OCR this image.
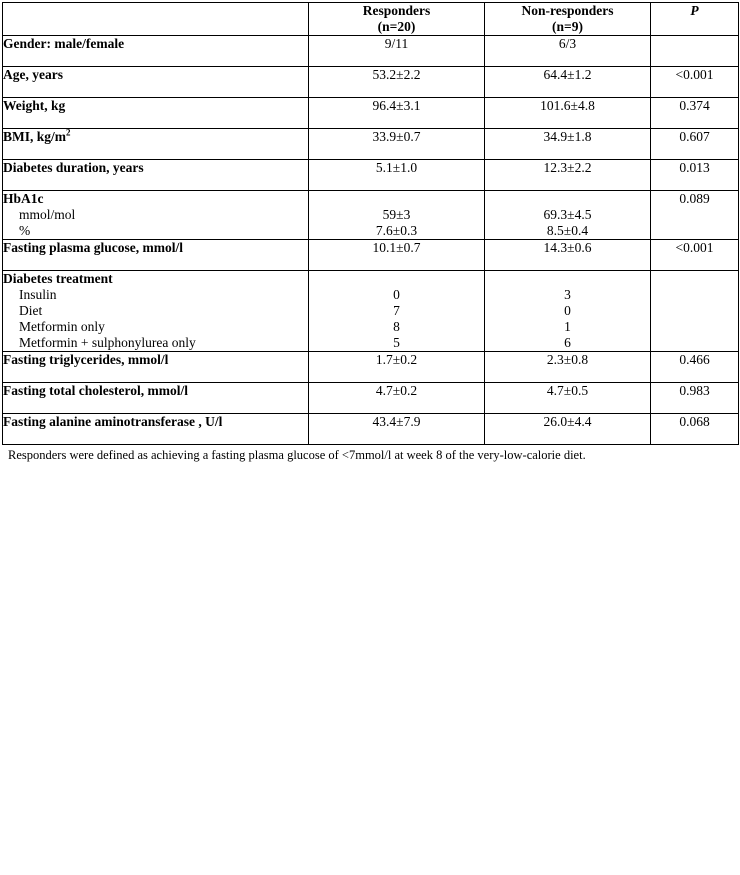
	Responders	Non-responders	P
	(n=20)	(n=9)	
Gender: male/female	9/11	6/3	

Age, years	53.2±2.2	64.4±1.2	<0.001

Weight, kg	96.4±3.1	101.6±4.8	0.374

BMI, $kg/m^2$	33.9±0.7	34.9±1.8	0.607

Diabetes duration, years	5.1±1.0	12.3±2.2	0.013

HbA1c			0.089
mmol/mol	59±3	69.3±4.5	
%	7.6±0.3	8.5±0.4	
Fasting plasma glucose, mmol/l	10.1±0.7	14.3±0.6	<0.001

Diabetes treatment			
Insulin	0	3	
Diet	7	0	
Metformin only	8	1	
Metformin + sulphonylurea only	5	6	
Fasting triglycerides, mmol/l	1.7±0.2	2.3±0.8	0.466

Fasting total cholesterol, mmol/l	4.7±0.2	4.7±0.5	0.983

Fasting alanine aminotransferase , U/l	43.4±7.9	26.0±4.4	0.068

Responders were defined as achieving a fasting plasma glucose of <7mmol/l at week 8 of the very-low-calorie diet.
